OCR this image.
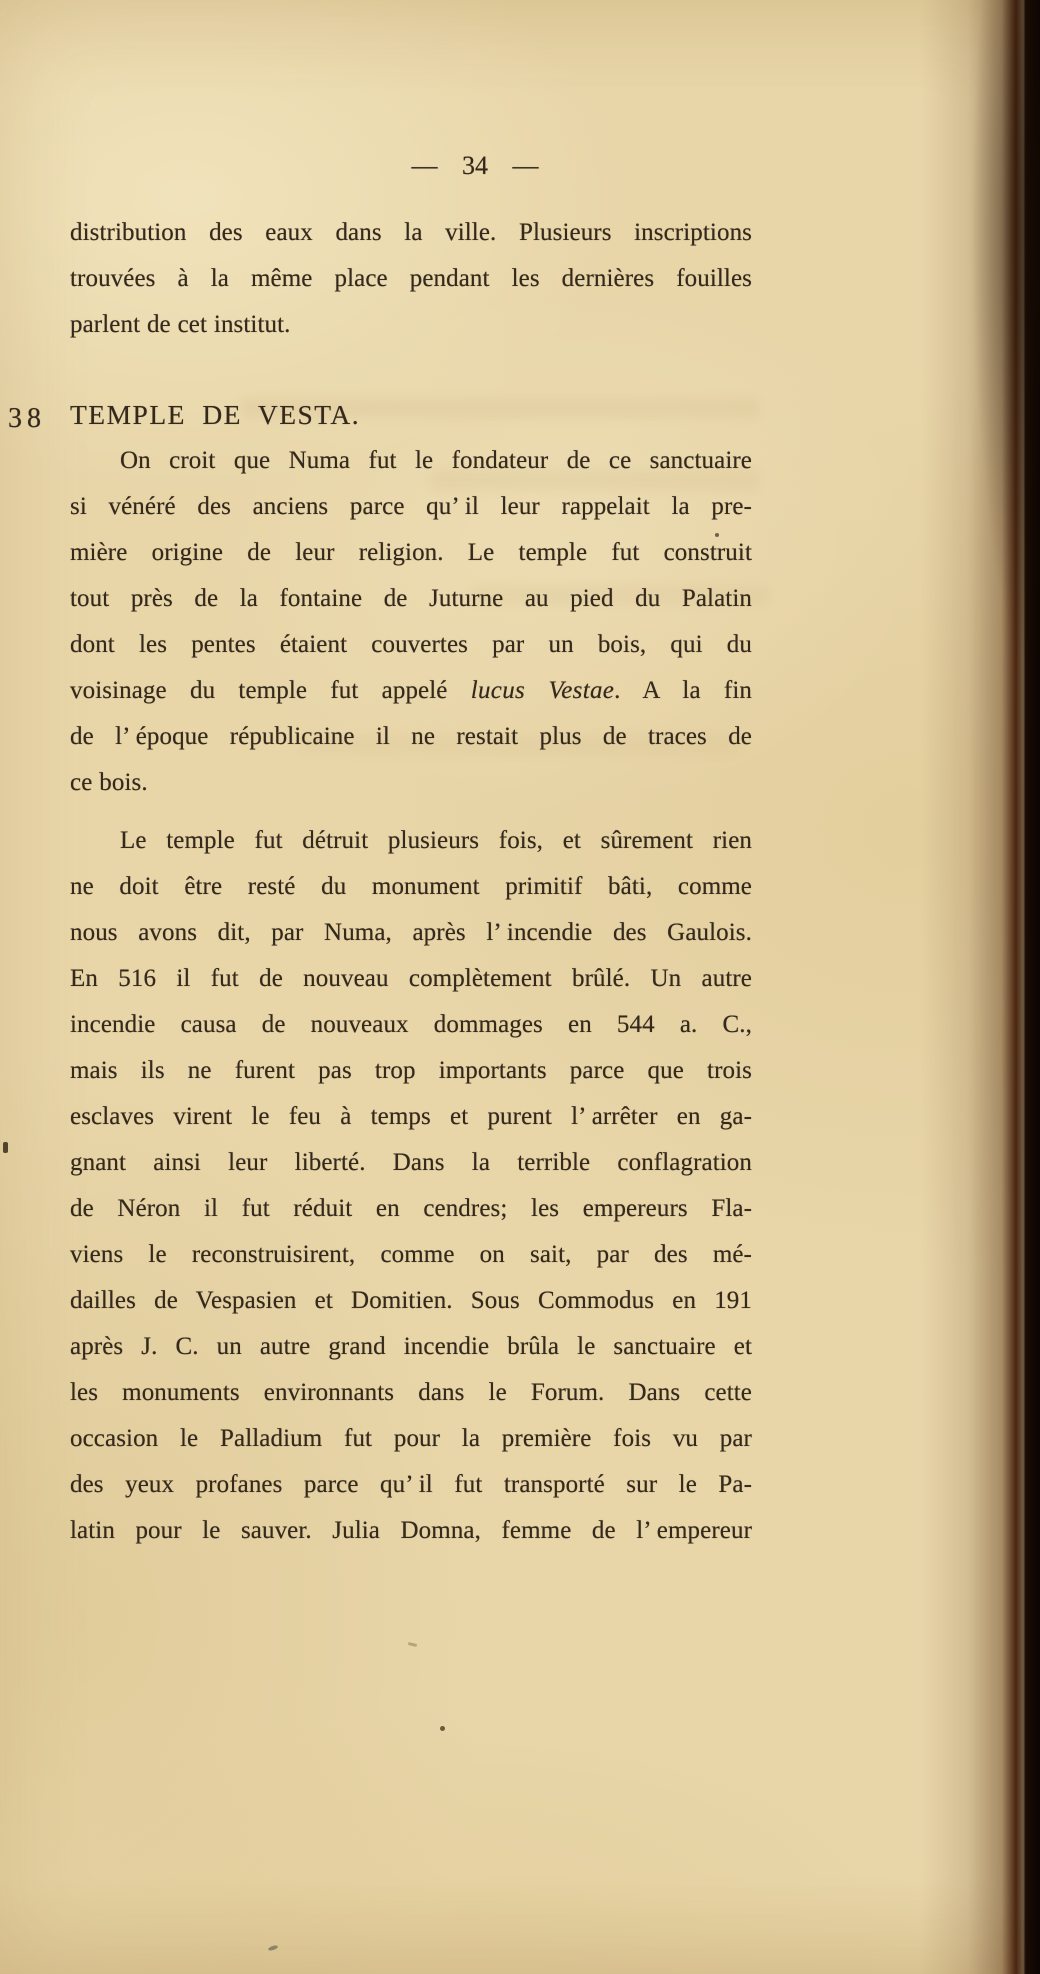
— 34 —
distribution des eaux dans la ville. Plusieurs inscriptions
trouvées à la même place pendant les dernières fouilles
parlent de cet institut.
38 TEMPLE DE VESTA.
On croit que Numa fut le fondateur de ce sanctuaire
si vénéré des anciens parce qu’ il leur rappelait la pre-
mière origine de leur religion. Le temple fut construit
tout près de la fontaine de Juturne au pied du Palatin
dont les pentes étaient couvertes par un bois, qui du
voisinage du temple fut appelé lucus Vestae. A la fin
de l’ époque républicaine il ne restait plus de traces de
ce bois.
Le temple fut détruit plusieurs fois, et sûrement rien
ne doit être resté du monument primitif bâti, comme
nous avons dit, par Numa, après l’ incendie des Gaulois.
En 516 il fut de nouveau complètement brûlé. Un autre
incendie causa de nouveaux dommages en 544 a. C.,
mais ils ne furent pas trop importants parce que trois
esclaves virent le feu à temps et purent l’ arrêter en ga-
gnant ainsi leur liberté. Dans la terrible conflagration
de Néron il fut réduit en cendres; les empereurs Fla-
viens le reconstruisirent, comme on sait, par des mé-
dailles de Vespasien et Domitien. Sous Commodus en 191
après J. C. un autre grand incendie brûla le sanctuaire et
les monuments environnants dans le Forum. Dans cette
occasion le Palladium fut pour la première fois vu par
des yeux profanes parce qu’ il fut transporté sur le Pa-
latin pour le sauver. Julia Domna, femme de l’ empereur
